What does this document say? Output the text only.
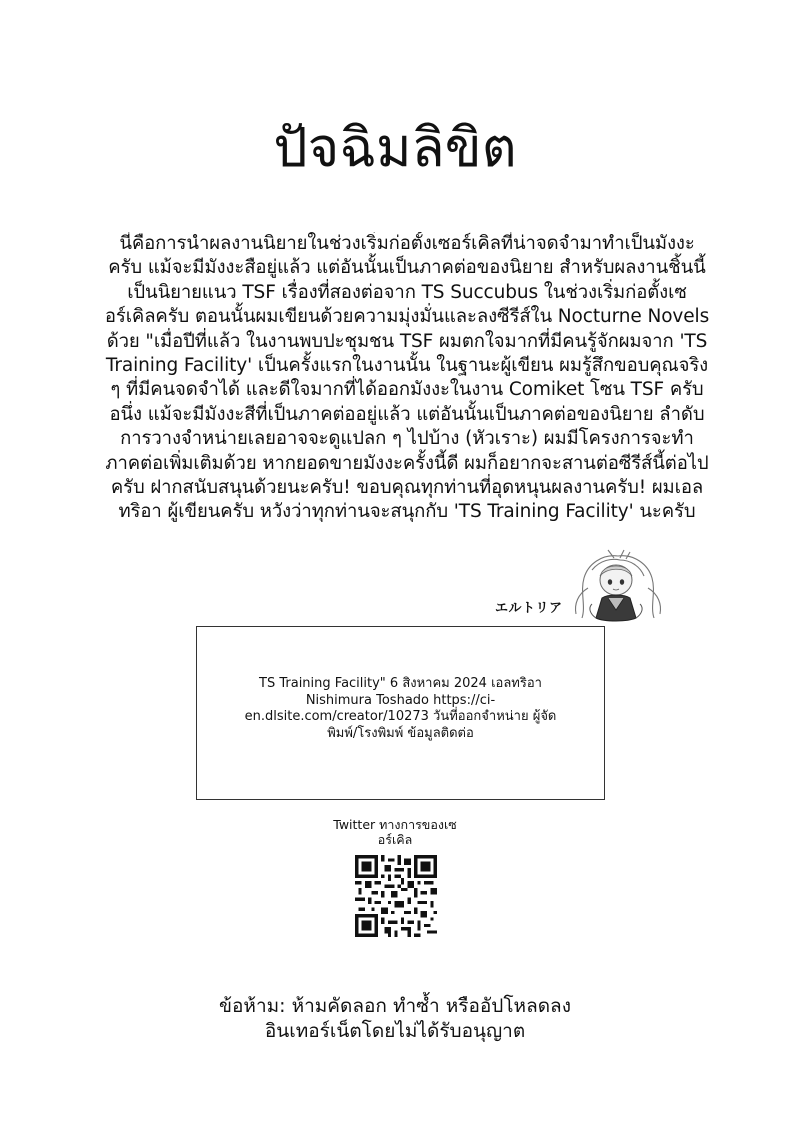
ปัจฉิมลิขิต

นี่คือการนำผลงานนิยายในช่วงเริ่มก่อตั้งเซอร์เคิลที่น่าจดจำมาทำเป็นมังงะครับ แม้จะมีมังงะสือยู่แล้ว แต่อันนั้นเป็นภาคต่อของนิยาย สำหรับผลงานชิ้นนี้เป็นนิยายแนว TSF เรื่องที่สองต่อจาก TS Succubus ในช่วงเริ่มก่อตั้งเซอร์เคิลครับ ตอนนั้นผมเขียนด้วยความมุ่งมั่นและลงซีรีส์ใน Nocturne Novels ด้วย "เมื่อปีที่แล้ว ในงานพบปะชุมชน TSF ผมตกใจมากที่มีคนรู้จักผมจาก 'TS Training Facility' เป็นครั้งแรกในงานนั้น ในฐานะผู้เขียน ผมรู้สึกขอบคุณจริง ๆ ที่มีคนจดจำได้ และดีใจมากที่ได้ออกมังงะในงาน Comiket โซน TSF ครับ อนึ่ง แม้จะมีมังงะสีที่เป็นภาคต่ออยู่แล้ว แต่อันนั้นเป็นภาคต่อของนิยาย ลำดับการวางจำหน่ายเลยอาจจะดูแปลก ๆ ไปบ้าง (หัวเราะ) ผมมีโครงการจะทำภาคต่อเพิ่มเติมด้วย หากยอดขายมังงะครั้งนี้ดี ผมก็อยากจะสานต่อซีรีส์นี้ต่อไปครับ ฝากสนับสนุนด้วยนะครับ! ขอบคุณทุกท่านที่อุดหนุนผลงานครับ! ผมเอลทริอา ผู้เขียนครับ หวังว่าทุกท่านจะสนุกกับ 'TS Training Facility' นะครับ

エルトリア
TS Training Facility" 6 สิงหาคม 2024 เอลทริอา Nishimura Toshado https://ci-en.dlsite.com/creator/10273 วันที่ออกจำหน่าย ผู้จัดพิมพ์/โรงพิมพ์ ข้อมูลติดต่อ
Twitter ทางการของเซอร์เคิล
ข้อห้าม: ห้ามคัดลอก ทำซ้ำ หรืออัปโหลดลง
อินเทอร์เน็ตโดยไม่ได้รับอนุญาต
